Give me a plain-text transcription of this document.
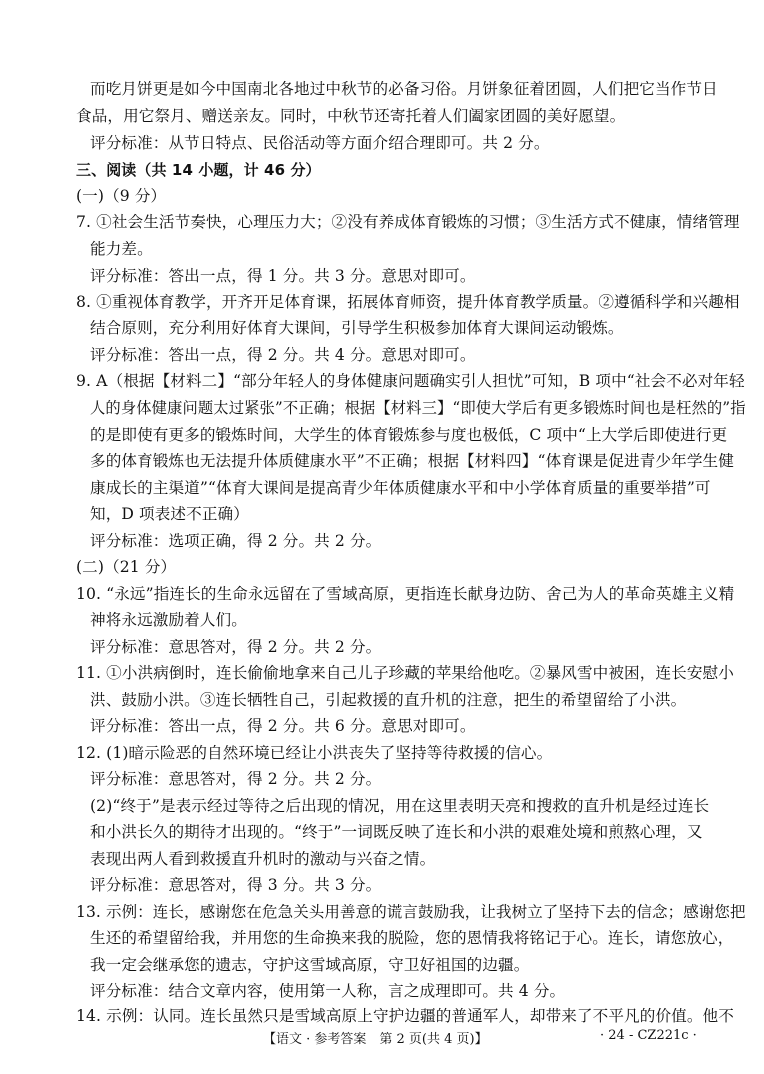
而吃月饼更是如今中国南北各地过中秋节的必备习俗。月饼象征着团圆，人们把它当作节日
食品，用它祭月、赠送亲友。同时，中秋节还寄托着人们阖家团圆的美好愿望。
评分标准：从节日特点、民俗活动等方面介绍合理即可。共 2 分。
三、阅读（共 14 小题，计 46 分）
(一)（9 分）
7. ①社会生活节奏快，心理压力大；②没有养成体育锻炼的习惯；③生活方式不健康，情绪管理
能力差。
评分标准：答出一点，得 1 分。共 3 分。意思对即可。
8. ①重视体育教学，开齐开足体育课，拓展体育师资，提升体育教学质量。②遵循科学和兴趣相
结合原则，充分利用好体育大课间，引导学生积极参加体育大课间运动锻炼。
评分标准：答出一点，得 2 分。共 4 分。意思对即可。
9. A（根据【材料二】“部分年轻人的身体健康问题确实引人担忧”可知，B 项中“社会不必对年轻
人的身体健康问题太过紧张”不正确；根据【材料三】“即使大学后有更多锻炼时间也是枉然的”指
的是即使有更多的锻炼时间，大学生的体育锻炼参与度也极低，C 项中“上大学后即使进行更
多的体育锻炼也无法提升体质健康水平”不正确；根据【材料四】“体育课是促进青少年学生健
康成长的主渠道”“体育大课间是提高青少年体质健康水平和中小学体育质量的重要举措”可
知，D 项表述不正确）
评分标准：选项正确，得 2 分。共 2 分。
(二)（21 分）
10. “永远”指连长的生命永远留在了雪域高原，更指连长献身边防、舍己为人的革命英雄主义精
神将永远激励着人们。
评分标准：意思答对，得 2 分。共 2 分。
11. ①小洪病倒时，连长偷偷地拿来自己儿子珍藏的苹果给他吃。②暴风雪中被困，连长安慰小
洪、鼓励小洪。③连长牺牲自己，引起救援的直升机的注意，把生的希望留给了小洪。
评分标准：答出一点，得 2 分。共 6 分。意思对即可。
12. (1)暗示险恶的自然环境已经让小洪丧失了坚持等待救援的信心。
评分标准：意思答对，得 2 分。共 2 分。
(2)“终于”是表示经过等待之后出现的情况，用在这里表明天亮和搜救的直升机是经过连长
和小洪长久的期待才出现的。“终于”一词既反映了连长和小洪的艰难处境和煎熬心理，又
表现出两人看到救援直升机时的激动与兴奋之情。
评分标准：意思答对，得 3 分。共 3 分。
13. 示例：连长，感谢您在危急关头用善意的谎言鼓励我，让我树立了坚持下去的信念；感谢您把
生还的希望留给我，并用您的生命换来我的脱险，您的恩情我将铭记于心。连长，请您放心，
我一定会继承您的遗志，守护这雪域高原，守卫好祖国的边疆。
评分标准：结合文章内容，使用第一人称，言之成理即可。共 4 分。
14. 示例：认同。连长虽然只是雪域高原上守护边疆的普通军人，却带来了不平凡的价值。他不
【语文 · 参考答案　第 2 页(共 4 页)】	· 24 - CZ221c ·
